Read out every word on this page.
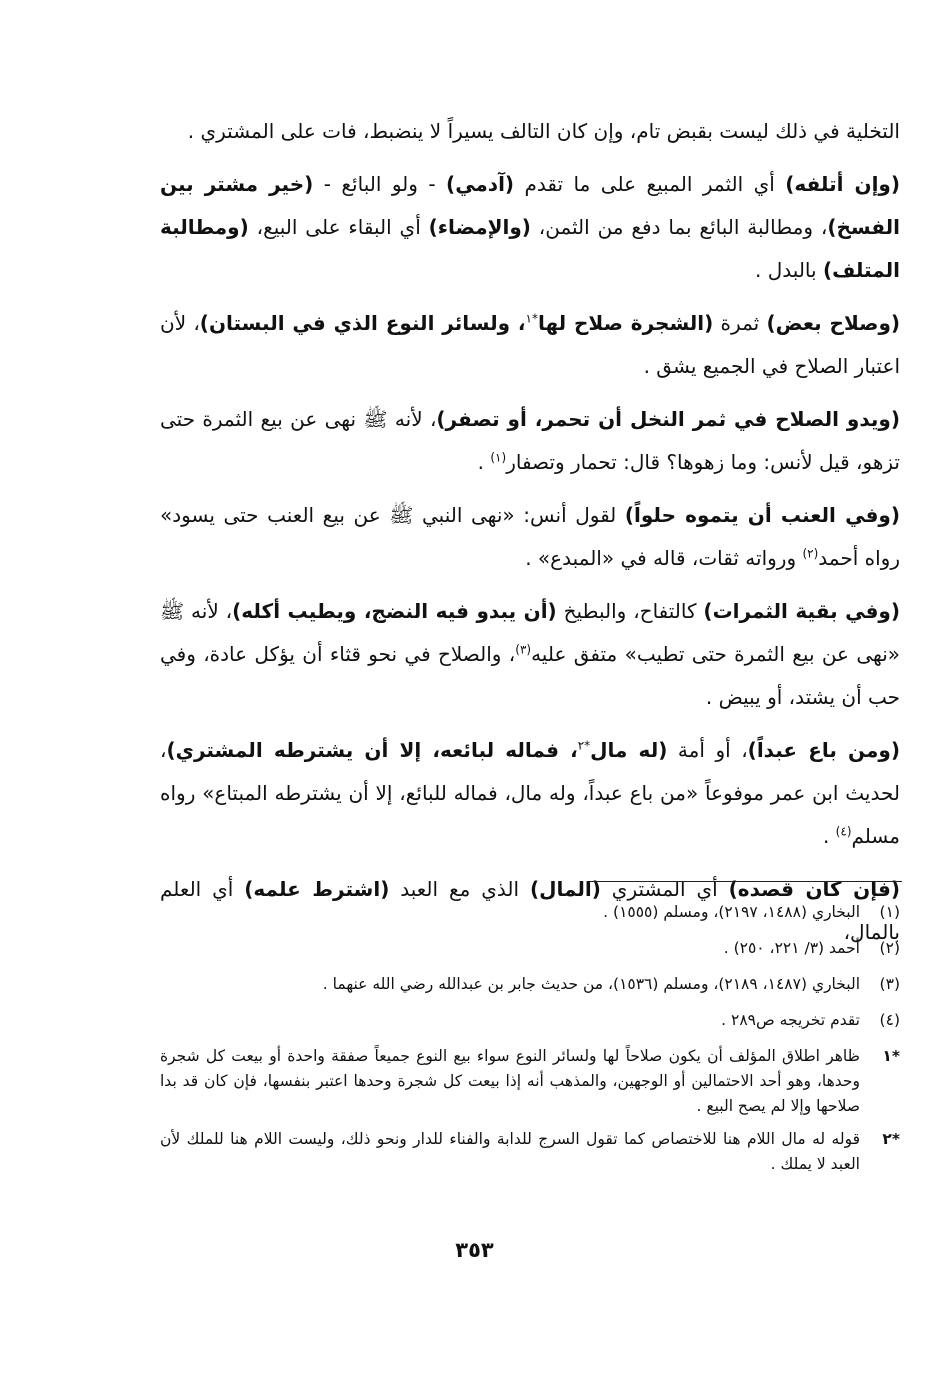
التخلية في ذلك ليست بقبض تام، وإن كان التالف يسيراً لا ينضبط، فات على المشتري .

(وإن أتلفه) أي الثمر المبيع على ما تقدم (آدمي) - ولو البائع - (خير مشتر بين الفسخ)، ومطالبة البائع بما دفع من الثمن، (والإمضاء) أي البقاء على البيع، (ومطالبة المتلف) بالبدل .

(وصلاح بعض) ثمرة (الشجرة صلاح لها$^{*١}$، ولسائر النوع الذي في البستان)، لأن اعتبار الصلاح في الجميع يشق .

(ويدو الصلاح في ثمر النخل أن تحمر، أو تصفر)، لأنه ﷺ نهى عن بيع الثمرة حتى تزهو، قيل لأنس: وما زهوها؟ قال: تحمار وتصفار$^{(١)}$ .

(وفي العنب أن يتموه حلواً) لقول أنس: «نهى النبي ﷺ عن بيع العنب حتى يسود» رواه أحمد$^{(٢)}$ ورواته ثقات، قاله في «المبدع» .

(وفي بقية الثمرات) كالتفاح، والبطيخ (أن يبدو فيه النضج، ويطيب أكله)، لأنه ﷺ «نهى عن بيع الثمرة حتى تطيب» متفق عليه$^{(٣)}$، والصلاح في نحو قثاء أن يؤكل عادة، وفي حب أن يشتد، أو يبيض .

(ومن باع عبداً)، أو أمة (له مال$^{*٢}$، فماله لبائعه، إلا أن يشترطه المشتري)، لحديث ابن عمر موفوعاً «من باع عبداً، وله مال، فماله للبائع، إلا أن يشترطه المبتاع» رواه مسلم$^{(٤)}$ .

(فإن كان قصده) أي المشتري (المال) الذي مع العبد (اشترط علمه) أي العلم بالمال،

(١)
البخاري (١٤٨٨، ٢١٩٧)، ومسلم (١٥٥٥) .
(٢)
أحمد (٣/ ٢٢١، ٢٥٠) .
(٣)
البخاري (١٤٨٧، ٢١٨٩)، ومسلم (١٥٣٦)، من حديث جابر بن عبدالله رضي الله عنهما .
(٤)
تقدم تخريجه ص٢٨٩ .
*١
ظاهر اطلاق المؤلف أن يكون صلاحاً لها ولسائر النوع سواء بيع النوع جميعاً صفقة واحدة أو بيعت كل شجرة وحدها، وهو أحد الاحتمالين أو الوجهين، والمذهب أنه إذا بيعت كل شجرة وحدها اعتبر بنفسها، فإن كان قد بدا صلاحها وإلا لم يصح البيع .
*٢
قوله له مال اللام هنا للاختصاص كما تقول السرج للدابة والفناء للدار ونحو ذلك، وليست اللام هنا للملك لأن العبد لا يملك .
٣٥٣
